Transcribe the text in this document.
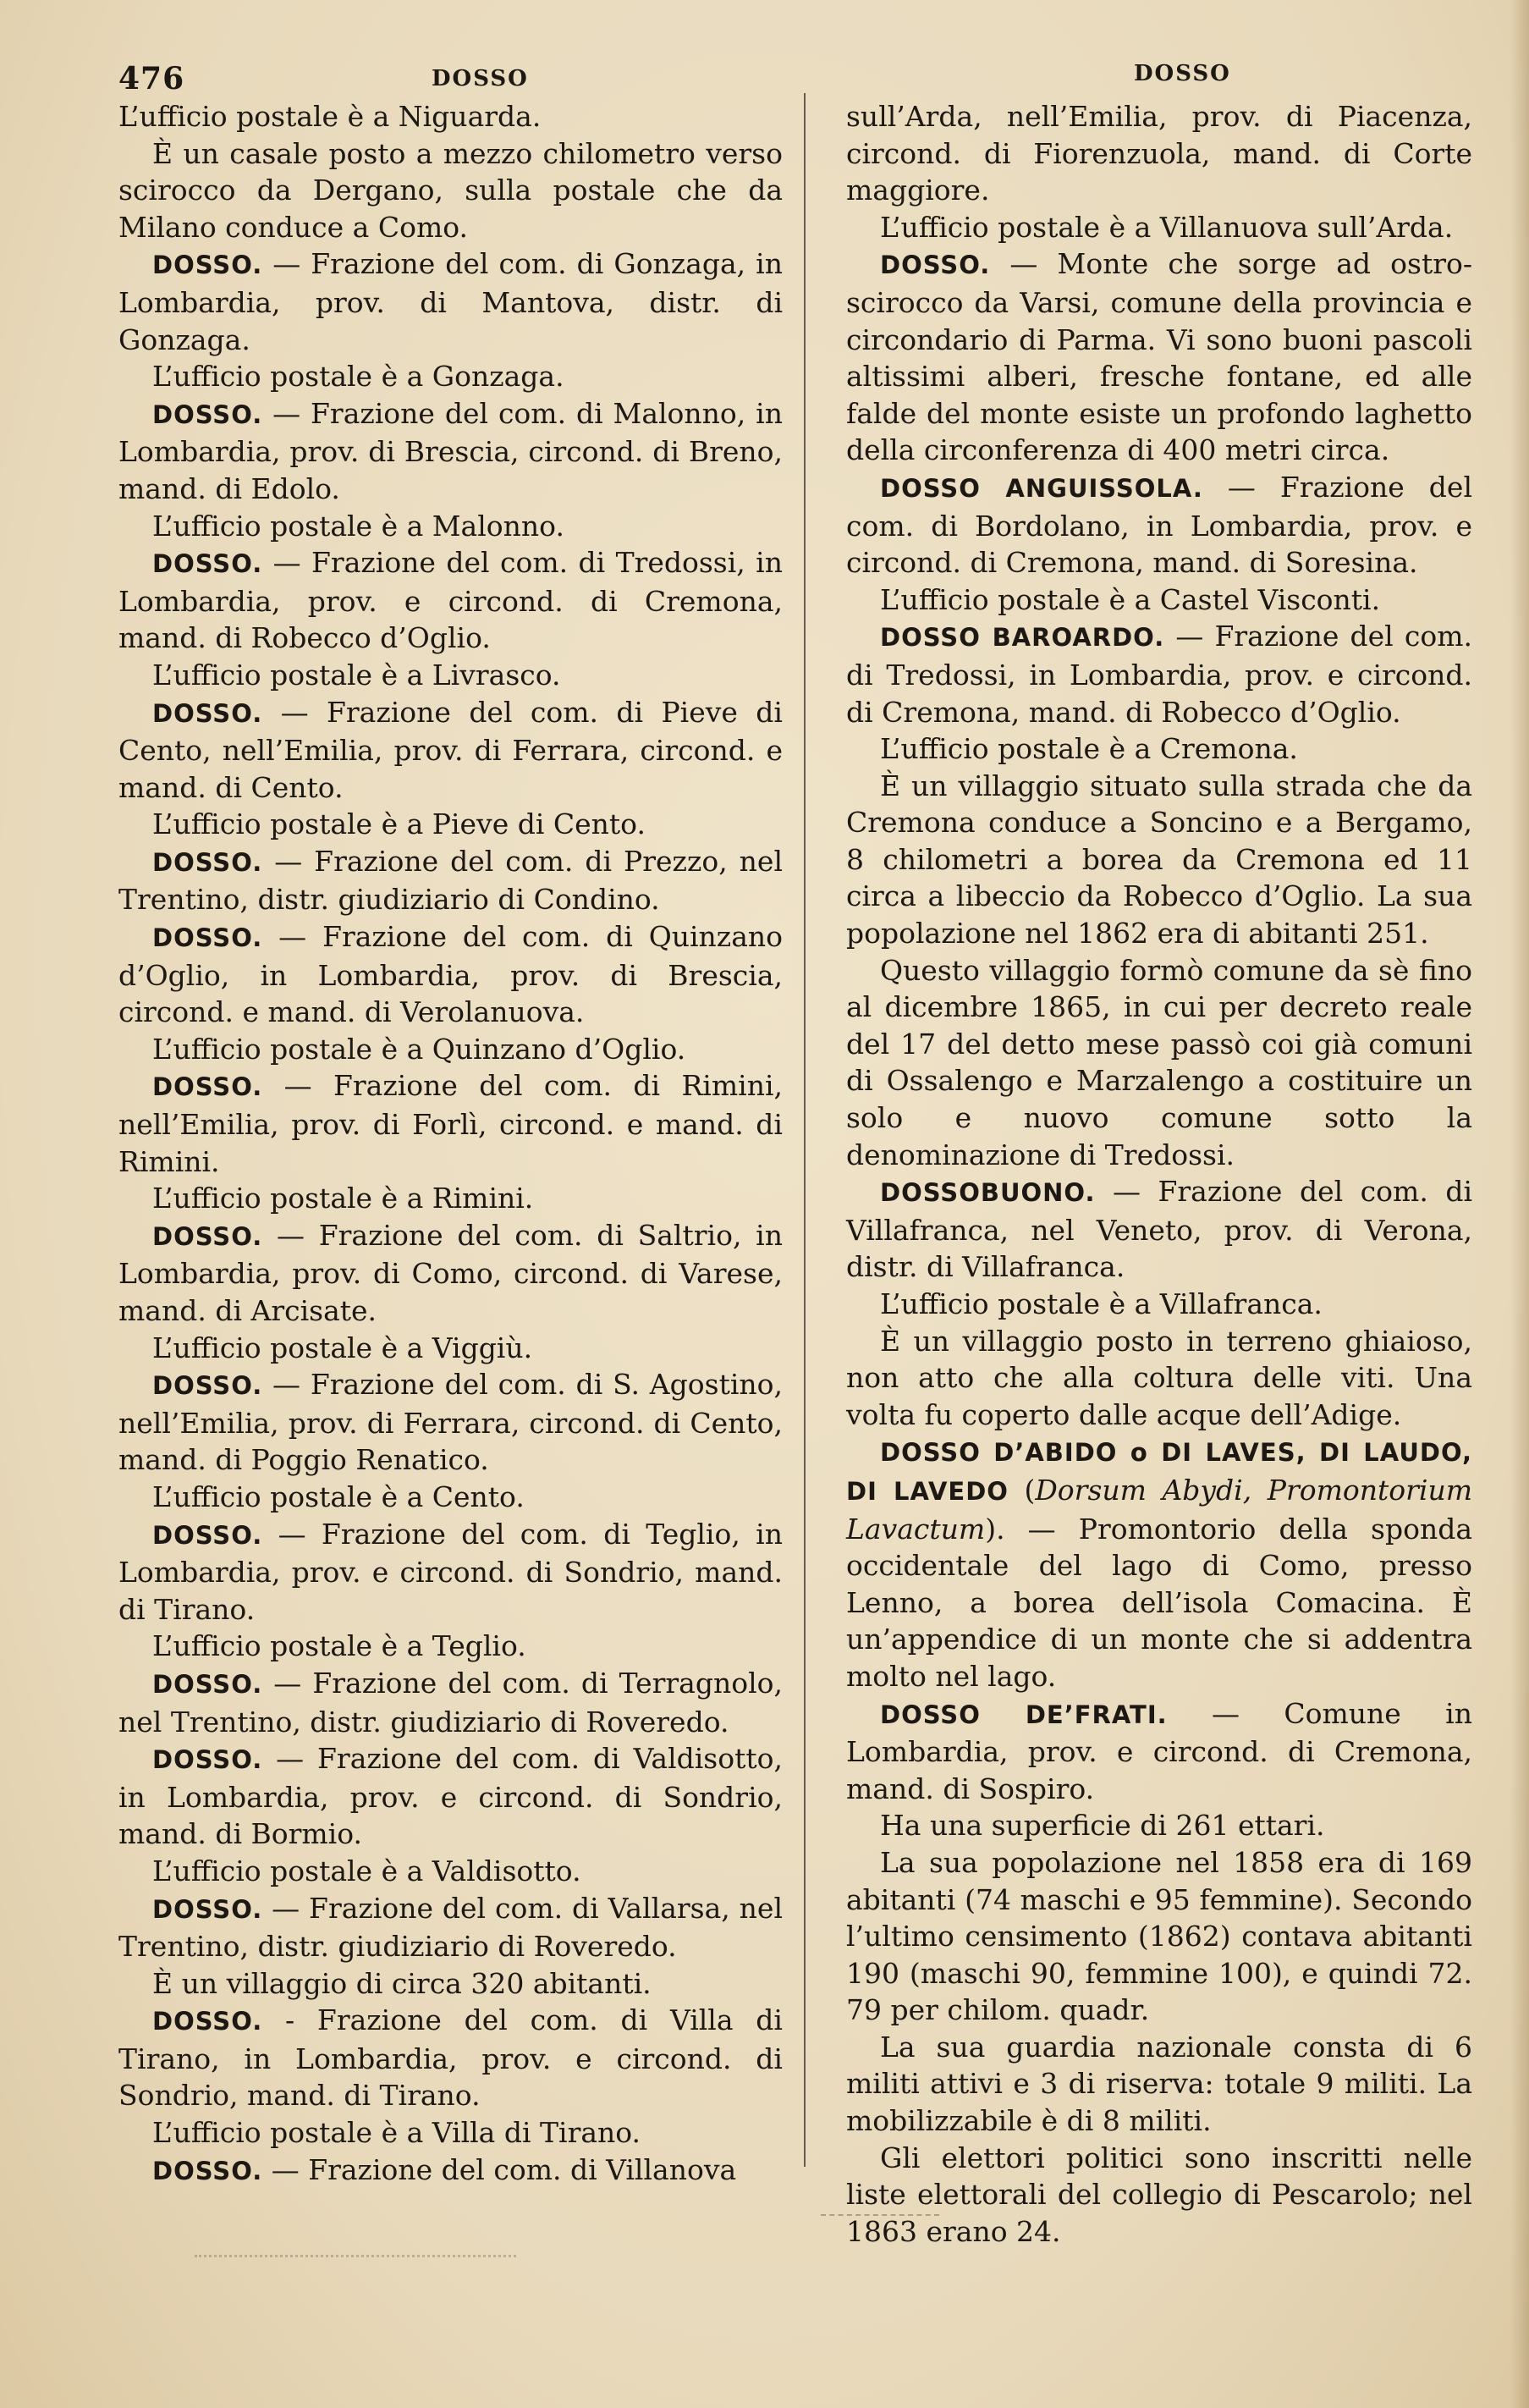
476	DOSSO	DOSSO

L’ufficio postale è a Niguarda.

È un casale posto a mezzo chilometro verso scirocco da Dergano, sulla postale che da Milano conduce a Como.

DOSSO. — Frazione del com. di Gonzaga, in Lombardia, prov. di Mantova, distr. di Gonzaga.

L’ufficio postale è a Gonzaga.

DOSSO. — Frazione del com. di Malonno, in Lombardia, prov. di Brescia, circond. di Breno, mand. di Edolo.

L’ufficio postale è a Malonno.

DOSSO. — Frazione del com. di Tredossi, in Lombardia, prov. e circond. di Cremona, mand. di Robecco d’Oglio.

L’ufficio postale è a Livrasco.

DOSSO. — Frazione del com. di Pieve di Cento, nell’Emilia, prov. di Ferrara, circond. e mand. di Cento.

L’ufficio postale è a Pieve di Cento.

DOSSO. — Frazione del com. di Prezzo, nel Trentino, distr. giudiziario di Condino.

DOSSO. — Frazione del com. di Quinzano d’Oglio, in Lombardia, prov. di Brescia, circond. e mand. di Verolanuova.

L’ufficio postale è a Quinzano d’Oglio.

DOSSO. — Frazione del com. di Rimini, nell’Emilia, prov. di Forlì, circond. e mand. di Rimini.

L’ufficio postale è a Rimini.

DOSSO. — Frazione del com. di Saltrio, in Lombardia, prov. di Como, circond. di Varese, mand. di Arcisate.

L’ufficio postale è a Viggiù.

DOSSO. — Frazione del com. di S. Agostino, nell’Emilia, prov. di Ferrara, circond. di Cento, mand. di Poggio Renatico.

L’ufficio postale è a Cento.

DOSSO. — Frazione del com. di Teglio, in Lombardia, prov. e circond. di Sondrio, mand. di Tirano.

L’ufficio postale è a Teglio.

DOSSO. — Frazione del com. di Terragnolo, nel Trentino, distr. giudiziario di Roveredo.

DOSSO. — Frazione del com. di Valdisotto, in Lombardia, prov. e circond. di Sondrio, mand. di Bormio.

L’ufficio postale è a Valdisotto.

DOSSO. — Frazione del com. di Vallarsa, nel Trentino, distr. giudiziario di Roveredo.

È un villaggio di circa 320 abitanti.

DOSSO. - Frazione del com. di Villa di Tirano, in Lombardia, prov. e circond. di Sondrio, mand. di Tirano.

L’ufficio postale è a Villa di Tirano.

DOSSO. — Frazione del com. di Villanova

sull’Arda, nell’Emilia, prov. di Piacenza, circond. di Fiorenzuola, mand. di Corte maggiore.

L’ufficio postale è a Villanuova sull’Arda.

DOSSO. — Monte che sorge ad ostro-scirocco da Varsi, comune della provincia e circondario di Parma. Vi sono buoni pascoli altissimi alberi, fresche fontane, ed alle falde del monte esiste un profondo laghetto della circonferenza di 400 metri circa.

DOSSO ANGUISSOLA. — Frazione del com. di Bordolano, in Lombardia, prov. e circond. di Cremona, mand. di Soresina.

L’ufficio postale è a Castel Visconti.

DOSSO BAROARDO. — Frazione del com. di Tredossi, in Lombardia, prov. e circond. di Cremona, mand. di Robecco d’Oglio.

L’ufficio postale è a Cremona.

È un villaggio situato sulla strada che da Cremona conduce a Soncino e a Bergamo, 8 chilometri a borea da Cremona ed 11 circa a libeccio da Robecco d’Oglio. La sua popolazione nel 1862 era di abitanti 251.

Questo villaggio formò comune da sè fino al dicembre 1865, in cui per decreto reale del 17 del detto mese passò coi già comuni di Ossalengo e Marzalengo a costituire un solo e nuovo comune sotto la denominazione di Tredossi.

DOSSOBUONO. — Frazione del com. di Villafranca, nel Veneto, prov. di Verona, distr. di Villafranca.

L’ufficio postale è a Villafranca.

È un villaggio posto in terreno ghiaioso, non atto che alla coltura delle viti. Una volta fu coperto dalle acque dell’Adige.

DOSSO D’ABIDO o DI LAVES, DI LAUDO, DI LAVEDO (Dorsum Abydi, Promontorium Lavactum). — Promontorio della sponda occidentale del lago di Como, presso Lenno, a borea dell’isola Comacina. È un’appendice di un monte che si addentra molto nel lago.

DOSSO DE’FRATI. — Comune in Lombardia, prov. e circond. di Cremona, mand. di Sospiro.

Ha una superficie di 261 ettari.

La sua popolazione nel 1858 era di 169 abitanti (74 maschi e 95 femmine). Secondo l’ultimo censimento (1862) contava abitanti 190 (maschi 90, femmine 100), e quindi 72. 79 per chilom. quadr.

La sua guardia nazionale consta di 6 militi attivi e 3 di riserva: totale 9 militi. La mobilizzabile è di 8 militi.

Gli elettori politici sono inscritti nelle liste elettorali del collegio di Pescarolo; nel 1863 erano 24.
